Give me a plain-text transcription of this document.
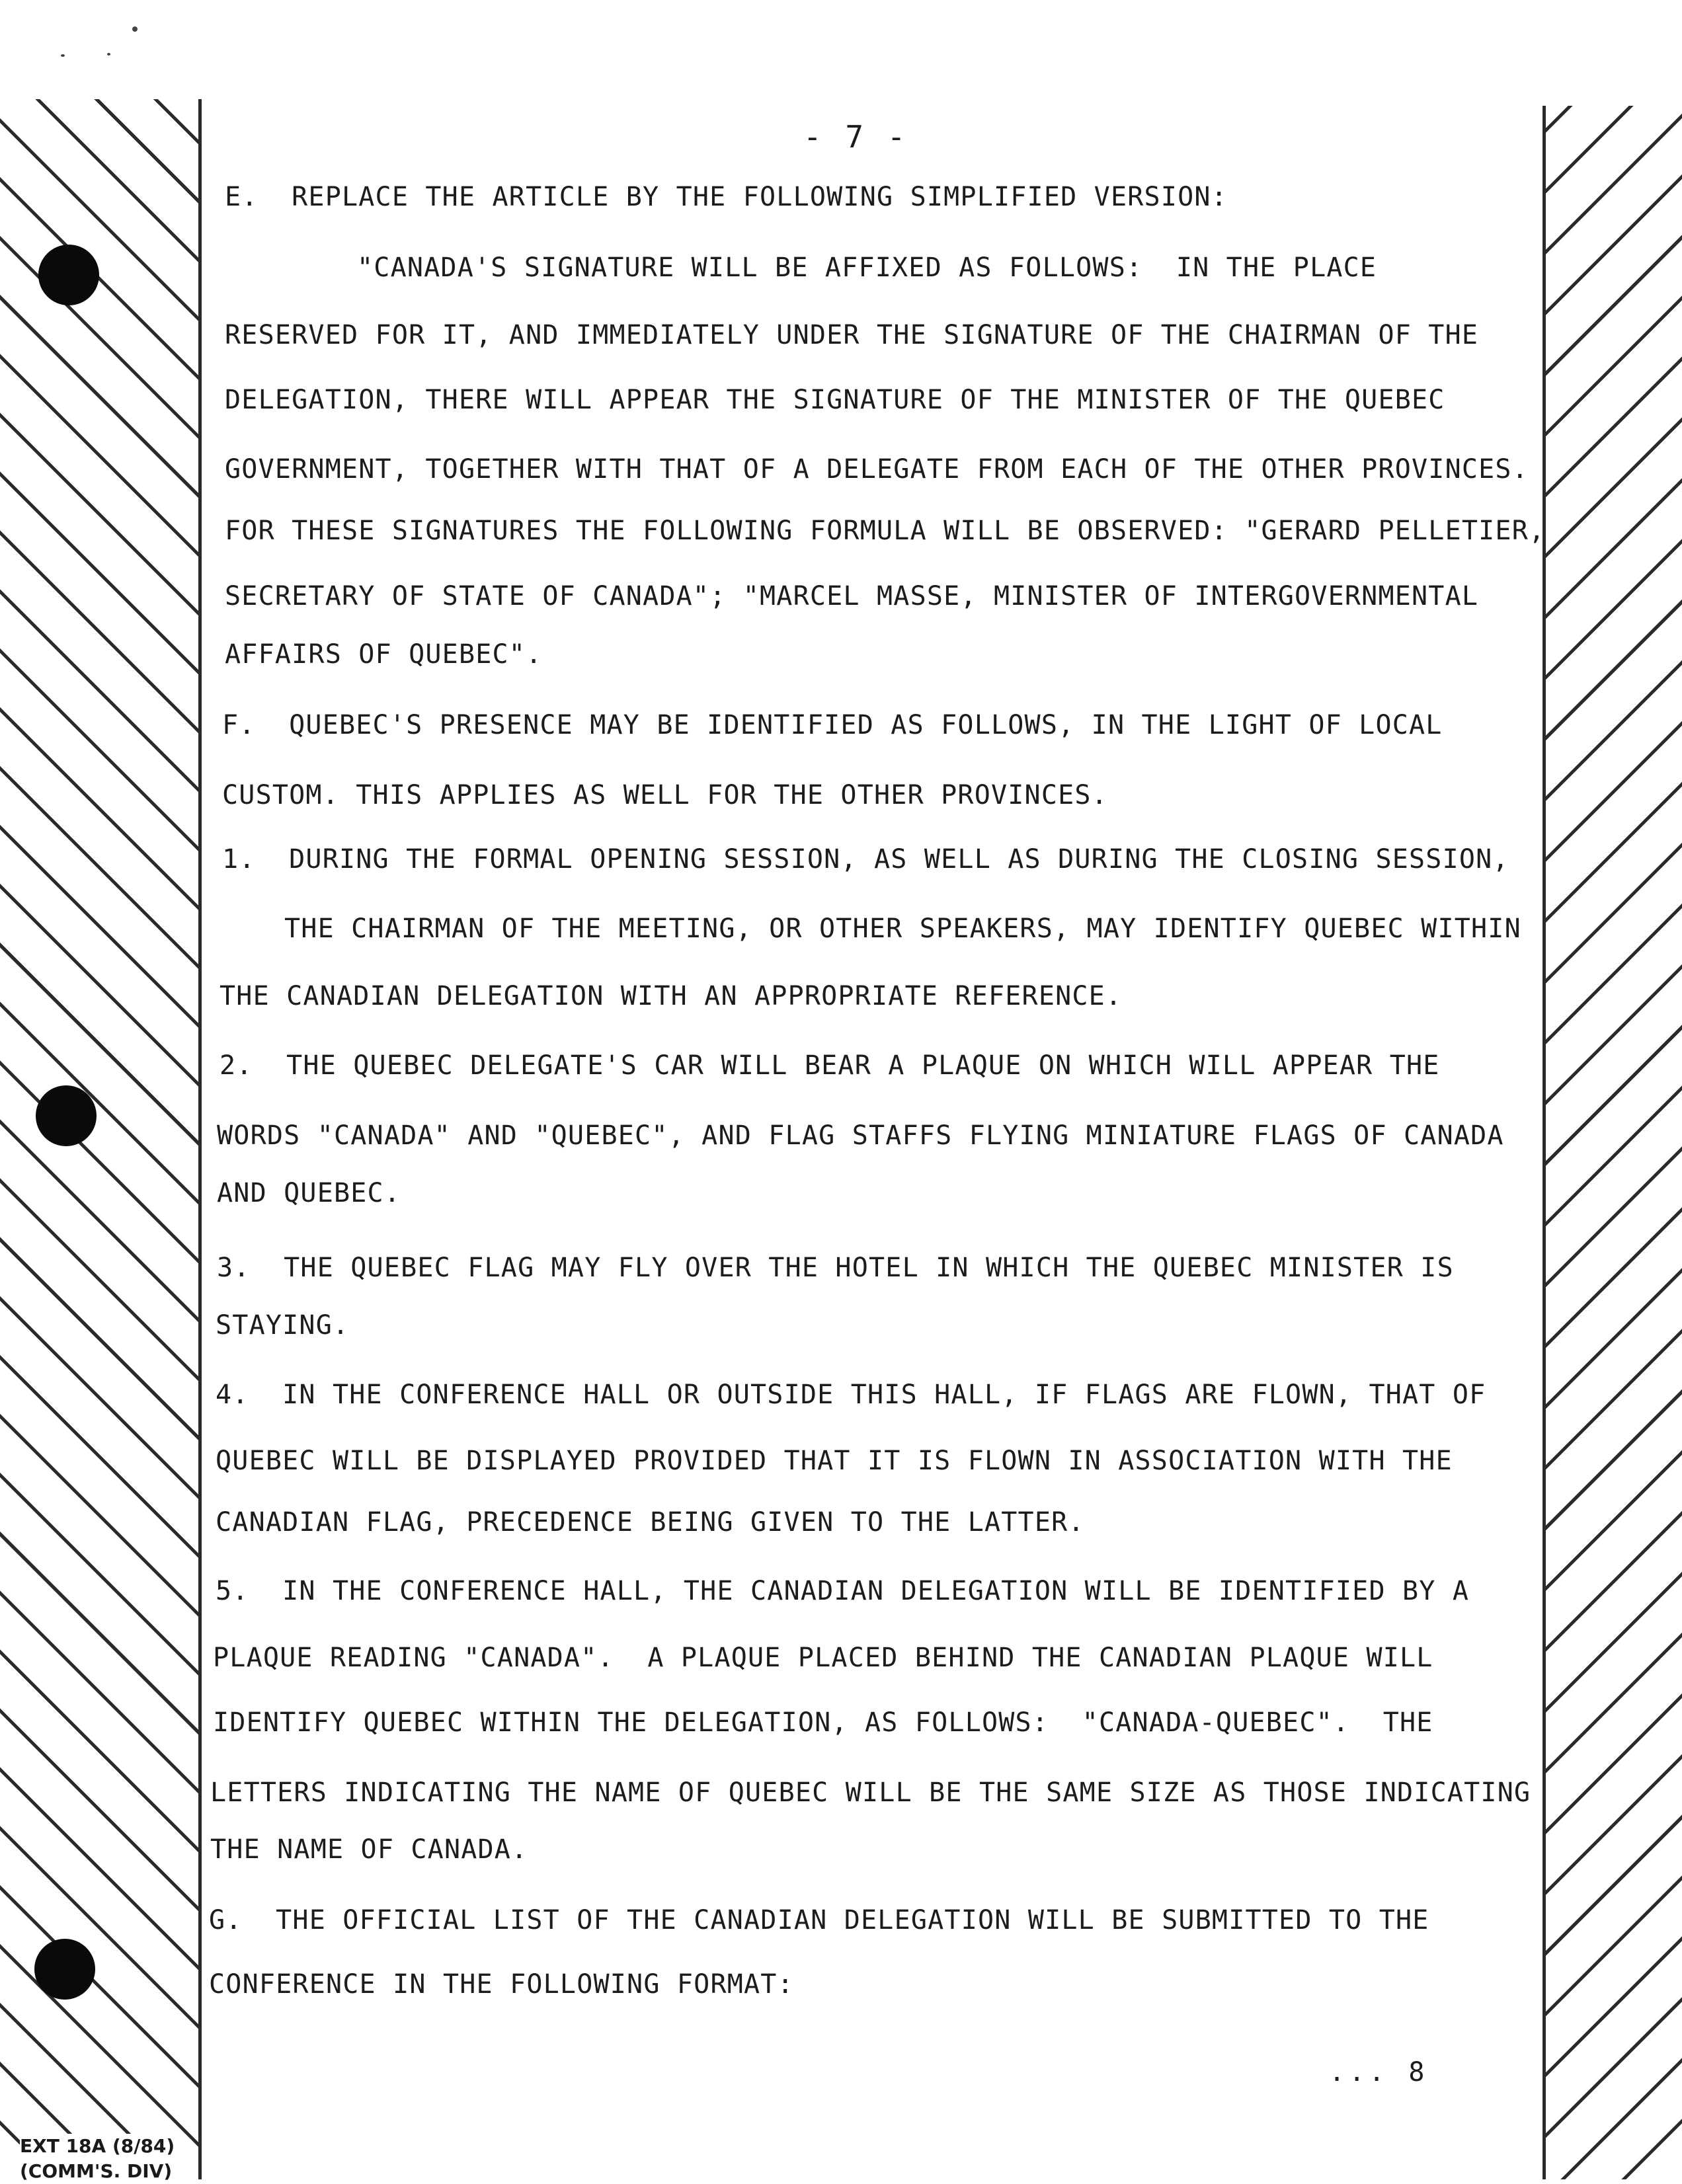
- 7 -

E.  REPLACE THE ARTICLE BY THE FOLLOWING SIMPLIFIED VERSION:

"CANADA'S SIGNATURE WILL BE AFFIXED AS FOLLOWS:  IN THE PLACE

RESERVED FOR IT, AND IMMEDIATELY UNDER THE SIGNATURE OF THE CHAIRMAN OF THE

DELEGATION, THERE WILL APPEAR THE SIGNATURE OF THE MINISTER OF THE QUEBEC

GOVERNMENT, TOGETHER WITH THAT OF A DELEGATE FROM EACH OF THE OTHER PROVINCES.

FOR THESE SIGNATURES THE FOLLOWING FORMULA WILL BE OBSERVED: "GERARD PELLETIER,

SECRETARY OF STATE OF CANADA"; "MARCEL MASSE, MINISTER OF INTERGOVERNMENTAL

AFFAIRS OF QUEBEC".

F.  QUEBEC'S PRESENCE MAY BE IDENTIFIED AS FOLLOWS, IN THE LIGHT OF LOCAL

CUSTOM. THIS APPLIES AS WELL FOR THE OTHER PROVINCES.

1.  DURING THE FORMAL OPENING SESSION, AS WELL AS DURING THE CLOSING SESSION,

THE CHAIRMAN OF THE MEETING, OR OTHER SPEAKERS, MAY IDENTIFY QUEBEC WITHIN

THE CANADIAN DELEGATION WITH AN APPROPRIATE REFERENCE.

2.  THE QUEBEC DELEGATE'S CAR WILL BEAR A PLAQUE ON WHICH WILL APPEAR THE

WORDS "CANADA" AND "QUEBEC", AND FLAG STAFFS FLYING MINIATURE FLAGS OF CANADA

AND QUEBEC.

3.  THE QUEBEC FLAG MAY FLY OVER THE HOTEL IN WHICH THE QUEBEC MINISTER IS

STAYING.

4.  IN THE CONFERENCE HALL OR OUTSIDE THIS HALL, IF FLAGS ARE FLOWN, THAT OF

QUEBEC WILL BE DISPLAYED PROVIDED THAT IT IS FLOWN IN ASSOCIATION WITH THE

CANADIAN FLAG, PRECEDENCE BEING GIVEN TO THE LATTER.

5.  IN THE CONFERENCE HALL, THE CANADIAN DELEGATION WILL BE IDENTIFIED BY A

PLAQUE READING "CANADA".  A PLAQUE PLACED BEHIND THE CANADIAN PLAQUE WILL

IDENTIFY QUEBEC WITHIN THE DELEGATION, AS FOLLOWS:  "CANADA-QUEBEC".  THE

LETTERS INDICATING THE NAME OF QUEBEC WILL BE THE SAME SIZE AS THOSE INDICATING

THE NAME OF CANADA.

G.  THE OFFICIAL LIST OF THE CANADIAN DELEGATION WILL BE SUBMITTED TO THE

CONFERENCE IN THE FOLLOWING FORMAT:

... 8

EXT 18A (8/84)
(COMM'S. DIV)
